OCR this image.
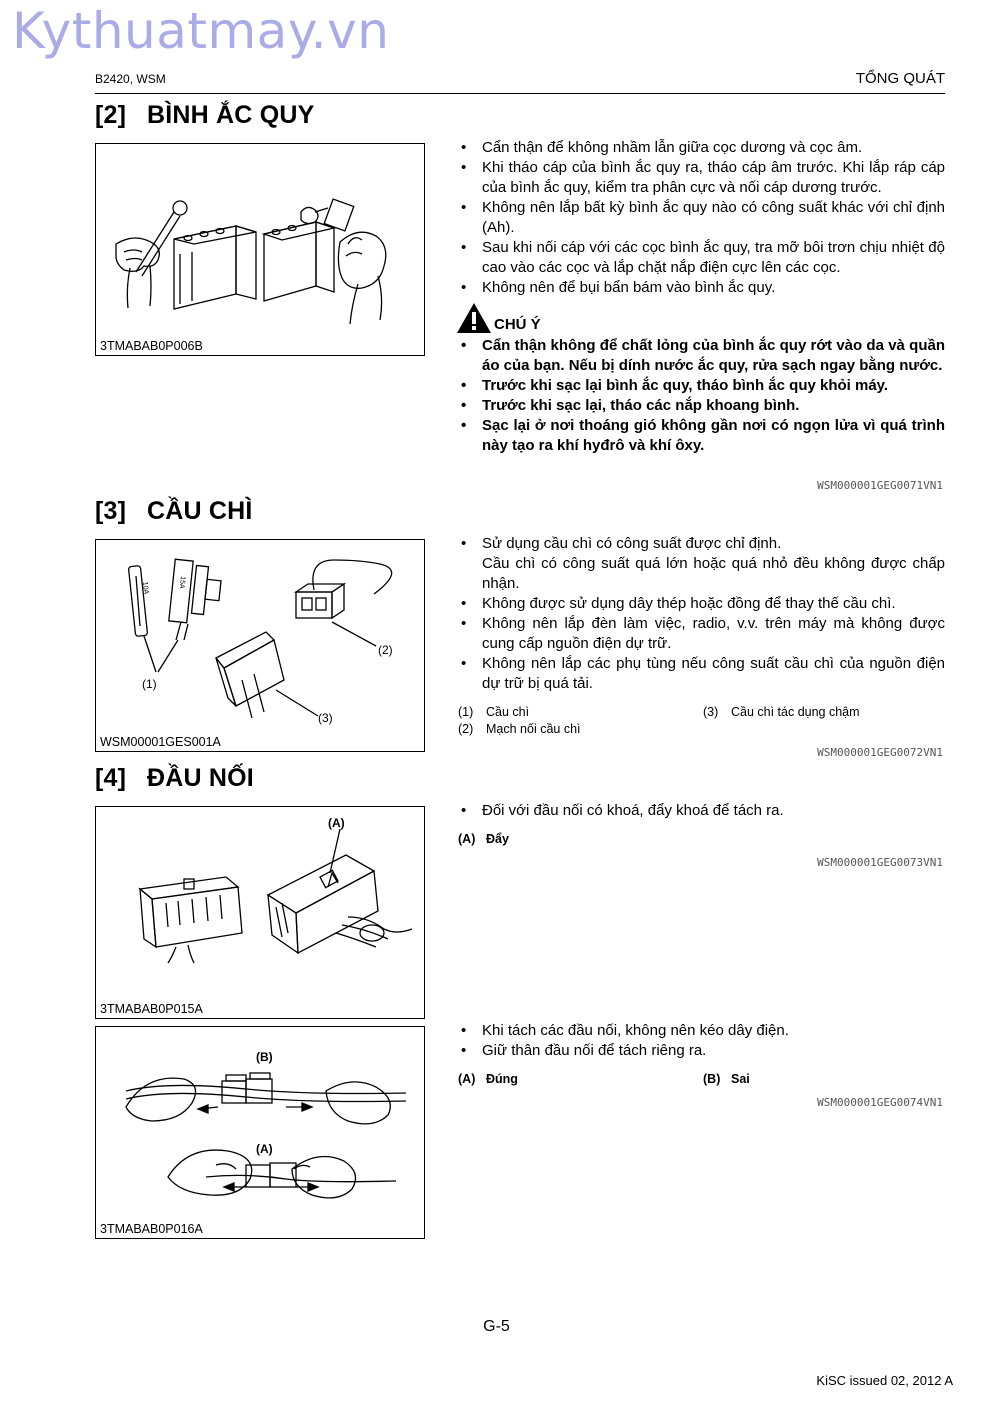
Kythuatmay.vn
B2420, WSM	TỔNG QUÁT
[2] BÌNH ẮC QUY
3TMABAB0P006B
• Cẩn thận để không nhầm lẫn giữa cọc dương và cọc âm.
• Khi tháo cáp của bình ắc quy ra, tháo cáp âm trước. Khi lắp ráp cáp của bình ắc quy, kiểm tra phân cực và nối cáp dương trước.
• Không nên lắp bất kỳ bình ắc quy nào có công suất khác với chỉ định (Ah).
• Sau khi nối cáp với các cọc bình ắc quy, tra mỡ bôi trơn chịu nhiệt độ cao vào các cọc và lắp chặt nắp điện cực lên các cọc.
• Không nên để bụi bẩn bám vào bình ắc quy.
CHÚ Ý
• Cẩn thận không để chất lỏng của bình ắc quy rớt vào da và quần áo của bạn. Nếu bị dính nước ắc quy, rửa sạch ngay bằng nước.
• Trước khi sạc lại bình ắc quy, tháo bình ắc quy khỏi máy.
• Trước khi sạc lại, tháo các nắp khoang bình.
• Sạc lại ở nơi thoáng gió không gần nơi có ngọn lửa vì quá trình này tạo ra khí hyđrô và khí ôxy.
WSM000001GEG0071VN1
[3] CẦU CHÌ
10A	15A
(1)
(2)
(3)
WSM00001GES001A
• Sử dụng cầu chì có công suất được chỉ định.
Cầu chì có công suất quá lớn hoặc quá nhỏ đều không được chấp nhận.
• Không được sử dụng dây thép hoặc đồng để thay thế cầu chì.
• Không nên lắp đèn làm việc, radio, v.v. trên máy mà không được cung cấp nguồn điện dự trữ.
• Không nên lắp các phụ tùng nếu công suất cầu chì của nguồn điện dự trữ bị quá tải.
(1) Cầu chì
(2) Mạch nối cầu chì
(3) Cầu chì tác dụng chậm
WSM000001GEG0072VN1
[4] ĐẦU NỐI
(A)
3TMABAB0P015A
• Đối với đầu nối có khoá, đẩy khoá để tách ra.
(A) Đẩy
WSM000001GEG0073VN1
(B)
(A)
3TMABAB0P016A
• Khi tách các đầu nối, không nên kéo dây điện.
• Giữ thân đầu nối để tách riêng ra.
(A) Đúng	(B) Sai
WSM000001GEG0074VN1
G-5
KiSC issued 02, 2012 A
